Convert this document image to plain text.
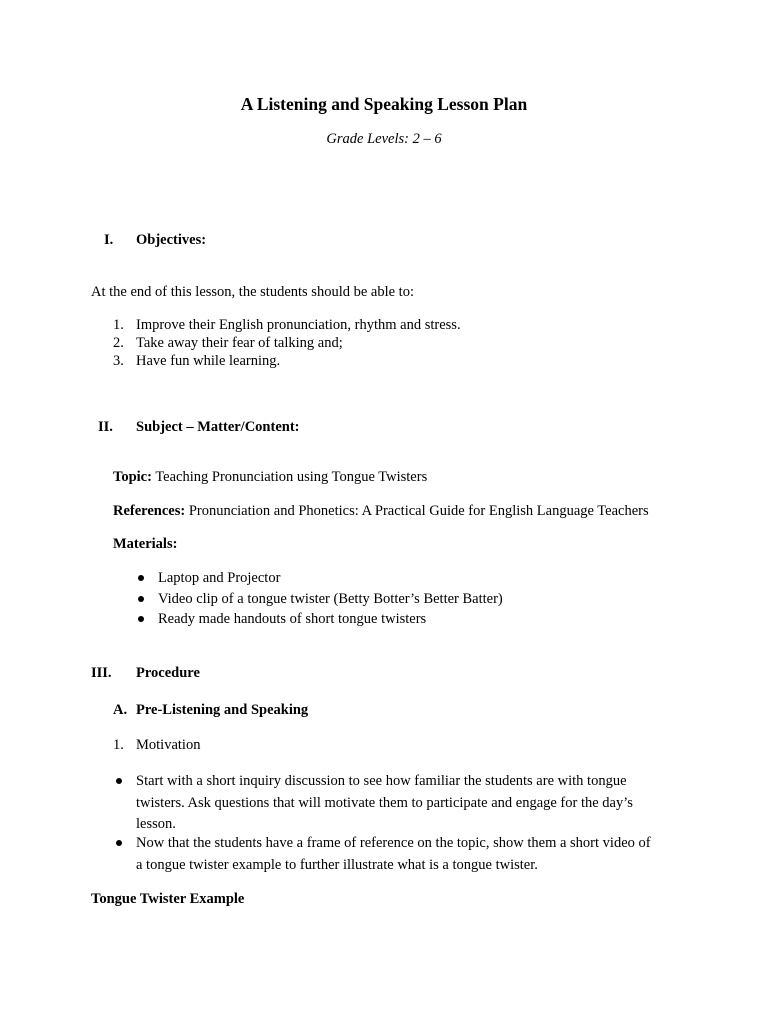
A Listening and Speaking Lesson Plan
Grade Levels: 2 – 6
I. Objectives:
At the end of this lesson, the students should be able to:
1. Improve their English pronunciation, rhythm and stress.
2. Take away their fear of talking and;
3. Have fun while learning.
II. Subject – Matter/Content:
Topic: Teaching Pronunciation using Tongue Twisters
References: Pronunciation and Phonetics: A Practical Guide for English Language Teachers
Materials:
Laptop and Projector
Video clip of a tongue twister (Betty Botter’s Better Batter)
Ready made handouts of short tongue twisters
III. Procedure
A. Pre-Listening and Speaking
1. Motivation
Start with a short inquiry discussion to see how familiar the students are with tongue
twisters. Ask questions that will motivate them to participate and engage for the day’s
lesson.
Now that the students have a frame of reference on the topic, show them a short video of
a tongue twister example to further illustrate what is a tongue twister.
Tongue Twister Example
